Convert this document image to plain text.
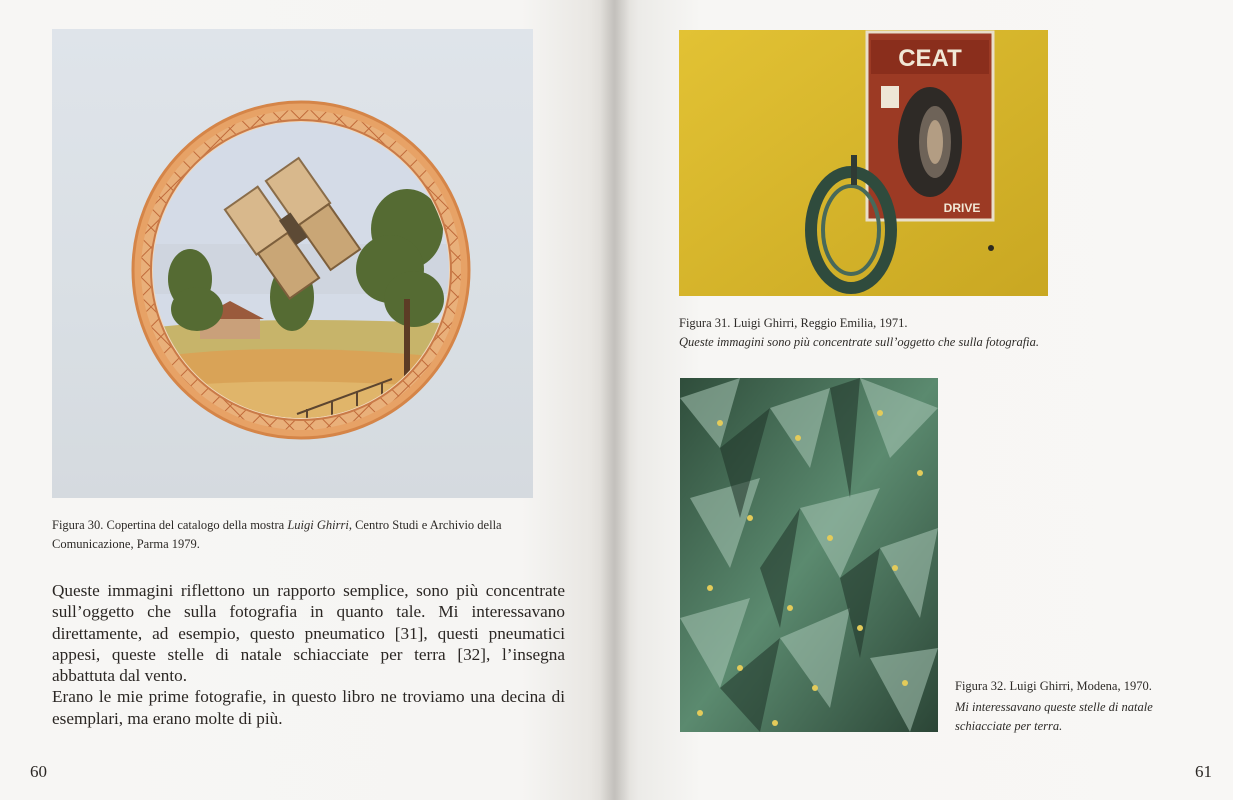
Figura 30. Copertina del catalogo della mostra Luigi Ghirri, Centro Studi e Archivio della Comunicazione, Parma 1979.

Queste immagini riflettono un rapporto semplice, sono più concentrate sull’oggetto che sulla fotografia in quanto tale. Mi interessavano direttamente, ad esempio, questo pneumatico [31], questi pneumatici appesi, queste stelle di natale schiacciate per terra [32], l’insegna abbattuta dal vento.

Erano le mie prime fotografie, in questo libro ne troviamo una decina di esemplari, ma erano molte di più.

60	61
CEAT
DRIVE
Figura 31. Luigi Ghirri, Reggio Emilia, 1971.
Queste immagini sono più concentrate sull’oggetto che sulla fotografia.
Figura 32. Luigi Ghirri, Modena, 1970.
Mi interessavano queste stelle di natale schiacciate per terra.
